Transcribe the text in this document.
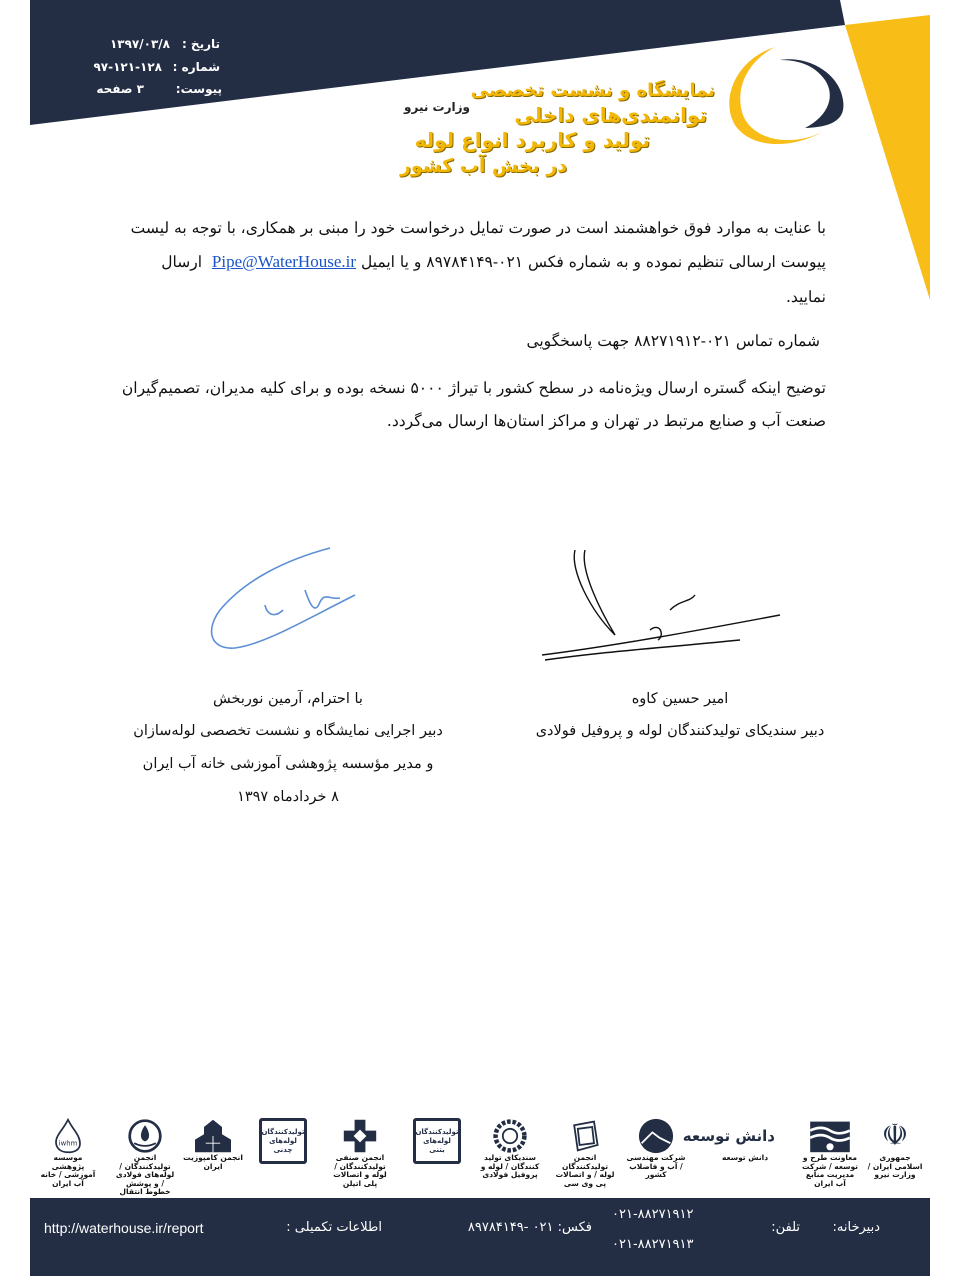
تاریخ :
۱۳۹۷/۰۳/۸
شماره :
۹۷-۱۲۱-۱۲۸
پیوست:
۳ صفحه
وزارت نیرو
نمایشگاه و نشست تخصصی
توانمندی‌های داخلی
تولید و کاربرد انواع لوله
در بخش آب کشور
با عنایت به موارد فوق خواهشمند است در صورت تمایل درخواست خود را مبنی بر همکاری، با توجه به لیست
پیوست ارسالی تنظیم نموده و به شماره فکس ۰۲۱-۸۹۷۸۴۱۴۹ و یا ایمیل Pipe@WaterHouse.ir  ارسال
نمایید.
شماره تماس ۰۲۱-۸۸۲۷۱۹۱۲ جهت پاسخگویی
توضیح اینکه گستره ارسال ویژه‌نامه در سطح کشور با تیراژ ۵۰۰۰ نسخه بوده و برای کلیه مدیران، تصمیم‌گیران
صنعت آب و صنایع مرتبط در تهران و مراکز استان‌ها ارسال می‌گردد.
امیر حسین کاوه
دبیر سندیکای تولیدکنندگان لوله و پروفیل فولادی
با احترام، آرمین نوربخش
دبیر اجرایی نمایشگاه و نشست تخصصی لوله‌سازان
و مدیر مؤسسه پژوهشی آموزشی خانه آب ایران
۸ خردادماه ۱۳۹۷
☫
جمهوری اسلامی ایران / وزارت نیرو
معاونت طرح و توسعه / شرکت مدیریت منابع آب ایران
دانش توسعه
دانش توسعه
شرکت مهندسی / آب و فاضلاب کشور
انجمن تولیدکنندگان لوله / و اتصالات پی وی سی
سندیکای تولید کنندگان / لوله و پروفیل فولادی
تولیدکنندگان لوله‌های بتنی
انجمن صنفی تولیدکنندگان / لوله و اتصالات پلی اتیلن
تولیدکنندگان لوله‌های چدنی
انجمن کامپوزیت ایران
انجمن تولیدکنندگان / لوله‌های فولادی / و پوشش خطوط انتقال
iwhm
موسسه پژوهشی آموزشی / خانه آب ایران
دبیرخانه:
تلفن:
۰۲۱-۸۸۲۷۱۹۱۲
۰۲۱-۸۸۲۷۱۹۱۳
فکس: ۰۲۱ -۸۹۷۸۴۱۴۹
اطلاعات تکمیلی :
http://waterhouse.ir/report
